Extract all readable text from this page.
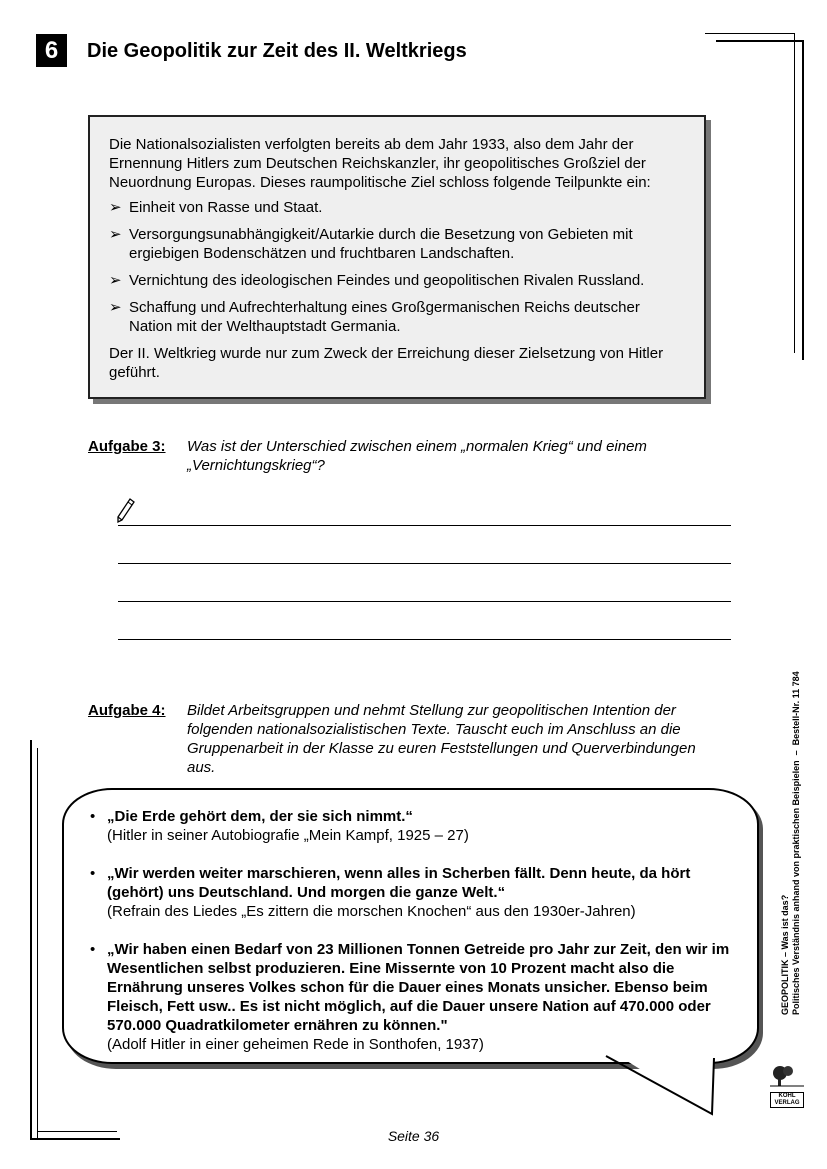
6	Die Geopolitik zur Zeit des II. Weltkriegs

Die Nationalsozialisten verfolgten bereits ab dem Jahr 1933, also dem Jahr der Ernennung Hitlers zum Deutschen Reichskanzler, ihr geopolitisches Großziel der Neuordnung Europas. Dieses raumpolitische Ziel schloss folgende Teilpunkte ein:

➢ Einheit von Rasse und Staat.
➢ Versorgungsunabhängigkeit/Autarkie durch die Besetzung von Gebieten mit ergiebigen Bodenschätzen und fruchtbaren Landschaften.
➢ Vernichtung des ideologischen Feindes und geopolitischen Rivalen Russland.
➢ Schaffung und Aufrechterhaltung eines Großgermanischen Reichs deutscher Nation mit der Welthauptstadt Germania.

Der II. Weltkrieg wurde nur zum Zweck der Erreichung dieser Zielsetzung von Hitler geführt.

Aufgabe 3: Was ist der Unterschied zwischen einem „normalen Krieg“ und einem „Vernichtungskrieg“?
Aufgabe 4: Bildet Arbeitsgruppen und nehmt Stellung zur geopolitischen Intention der folgenden nationalsozialistischen Texte. Tauscht euch im Anschluss an die Gruppenarbeit in der Klasse zu euren Feststellungen und Querverbindungen aus.
• „Die Erde gehört dem, der sie sich nimmt.“
(Hitler in seiner Autobiografie „Mein Kampf, 1925 – 27)
• „Wir werden weiter marschieren, wenn alles in Scherben fällt. Denn heute, da hört (gehört) uns Deutschland. Und morgen die ganze Welt.“
(Refrain des Liedes „Es zittern die morschen Knochen“ aus den 1930er-Jahren)
• „Wir haben einen Bedarf von 23 Millionen Tonnen Getreide pro Jahr zur Zeit, den wir im Wesentlichen selbst produzieren. Eine Missernte von 10 Prozent macht also die Ernährung unseres Volkes schon für die Dauer eines Monats unsicher. Ebenso beim Fleisch, Fett usw.. Es ist nicht möglich, auf die Dauer unsere Nation auf 470.000 oder 570.000 Quadratkilometer ernähren zu können."
(Adolf Hitler in einer geheimen Rede in Sonthofen, 1937)
Seite 36
GEOPOLITIK – Was ist das? Politisches Verständnis anhand von praktischen Beispielen  –  Bestell-Nr. 11 784
KOHL VERLAG
